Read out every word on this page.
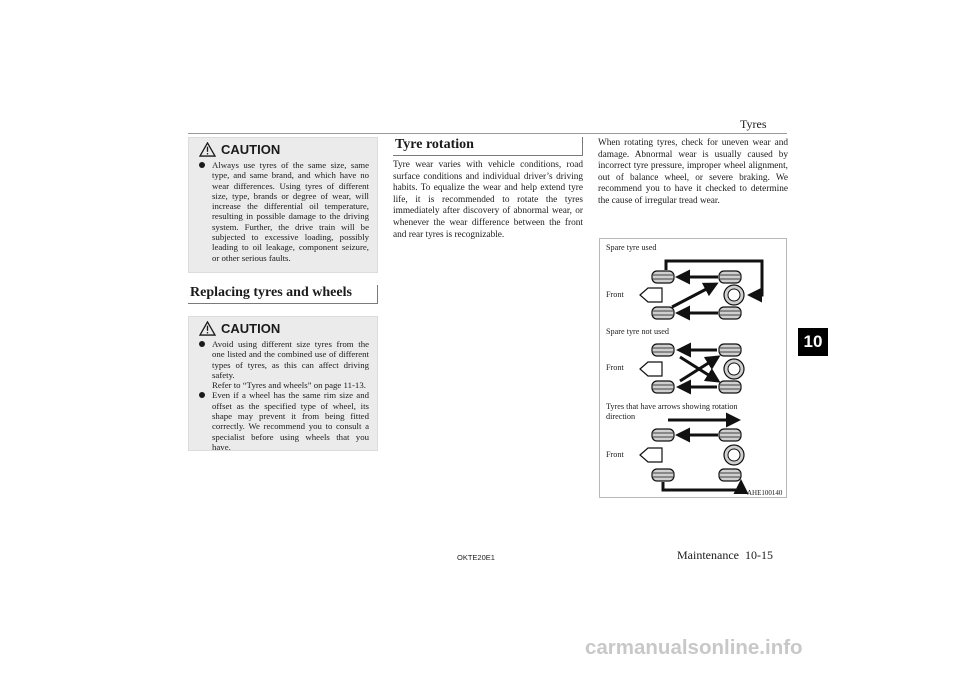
Tyres
10
CAUTION
Always use tyres of the same size, same type, and same brand, and which have no wear differences. Using tyres of different size, type, brands or degree of wear, will increase the differential oil temperature, resulting in possible damage to the driving system. Further, the drive train will be subjected to excessive loading, possibly leading to oil leakage, component seizure, or other serious faults.
Replacing tyres and wheels
CAUTION
Avoid using different size tyres from the one listed and the combined use of different types of tyres, as this can affect driving safety.
Refer to “Tyres and wheels” on page 11-13.
Even if a wheel has the same rim size and offset as the specified type of wheel, its shape may prevent it from being fitted correctly. We recommend you to consult a specialist before using wheels that you have.
Tyre rotation
Tyre wear varies with vehicle conditions, road surface conditions and individual driver’s driving habits. To equalize the wear and help extend tyre life, it is recommended to rotate the tyres immediately after discovery of abnormal wear, or whenever the wear difference between the front and rear tyres is recognizable.
When rotating tyres, check for uneven wear and damage. Abnormal wear is usually caused by incorrect tyre pressure, improper wheel alignment, out of balance wheel, or severe braking. We recommend you to have it checked to determine the cause of irregular tread wear.
Spare tyre used
Front
Spare tyre not used
Front
Tyres that have arrows showing rotation direction
Front
AHE100140
OKTE20E1	Maintenance 10-15
carmanualsonline.info
